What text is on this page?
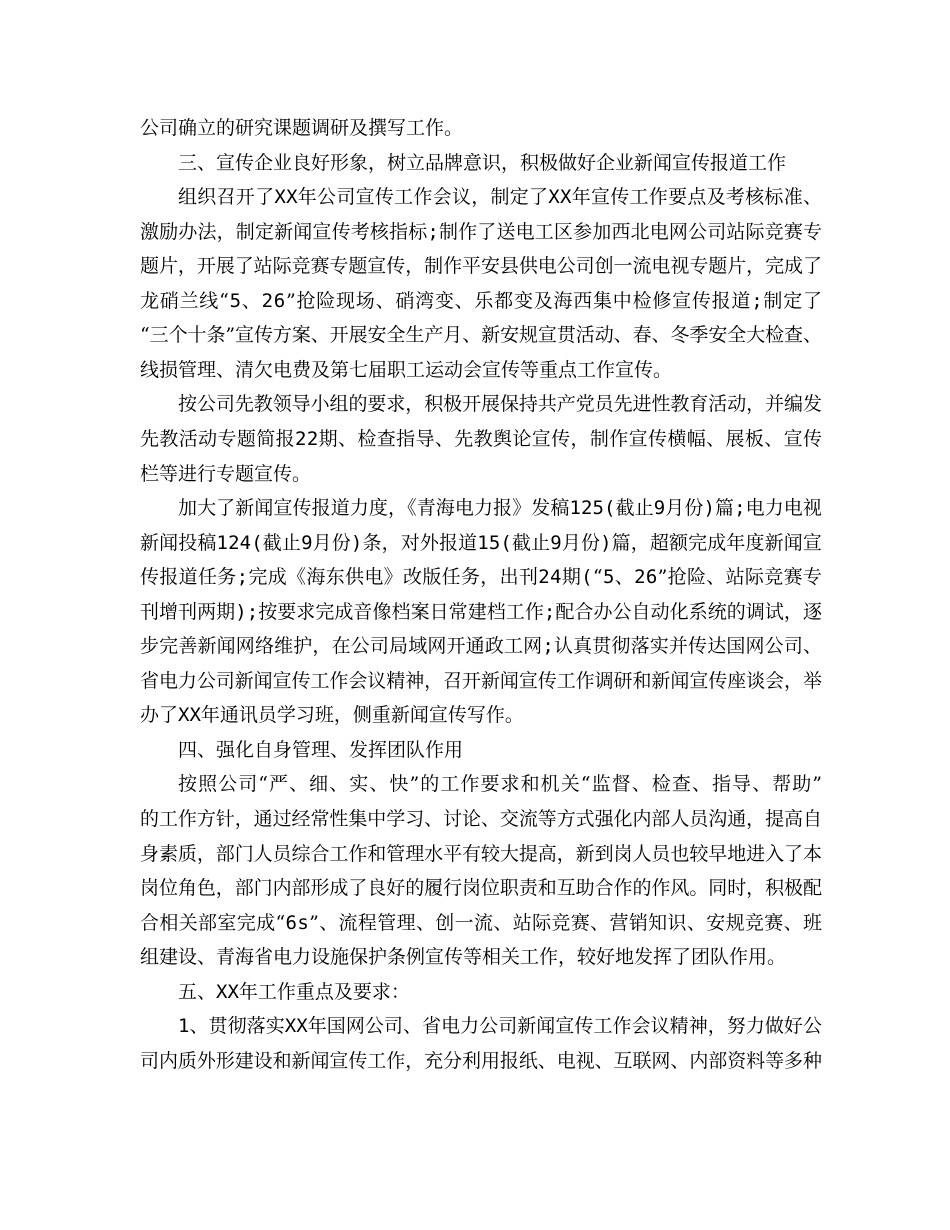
公司确立的研究课题调研及撰写工作。

三、宣传企业良好形象，树立品牌意识，积极做好企业新闻宣传报道工作

组织召开了XX年公司宣传工作会议，制定了XX年宣传工作要点及考核标准、

激励办法，制定新闻宣传考核指标;制作了送电工区参加西北电网公司站际竞赛专

题片，开展了站际竞赛专题宣传，制作平安县供电公司创一流电视专题片，完成了

龙硝兰线“5、26”抢险现场、硝湾变、乐都变及海西集中检修宣传报道;制定了

“三个十条”宣传方案、开展安全生产月、新安规宣贯活动、春、冬季安全大检查、

线损管理、清欠电费及第七届职工运动会宣传等重点工作宣传。

按公司先教领导小组的要求，积极开展保持共产党员先进性教育活动，并编发

先教活动专题简报22期、检查指导、先教舆论宣传，制作宣传横幅、展板、宣传

栏等进行专题宣传。

加大了新闻宣传报道力度，《青海电力报》发稿125(截止9月份)篇;电力电视

新闻投稿124(截止9月份)条，对外报道15(截止9月份)篇，超额完成年度新闻宣

传报道任务;完成《海东供电》改版任务，出刊24期(“5、26”抢险、站际竞赛专

刊增刊两期);按要求完成音像档案日常建档工作;配合办公自动化系统的调试，逐

步完善新闻网络维护，在公司局域网开通政工网;认真贯彻落实并传达国网公司、

省电力公司新闻宣传工作会议精神，召开新闻宣传工作调研和新闻宣传座谈会，举

办了XX年通讯员学习班，侧重新闻宣传写作。

四、强化自身管理、发挥团队作用

按照公司“严、细、实、快”的工作要求和机关“监督、检查、指导、帮助”

的工作方针，通过经常性集中学习、讨论、交流等方式强化内部人员沟通，提高自

身素质，部门人员综合工作和管理水平有较大提高，新到岗人员也较早地进入了本

岗位角色，部门内部形成了良好的履行岗位职责和互助合作的作风。同时，积极配

合相关部室完成“6s”、流程管理、创一流、站际竞赛、营销知识、安规竞赛、班

组建设、青海省电力设施保护条例宣传等相关工作，较好地发挥了团队作用。

五、XX年工作重点及要求：

1、贯彻落实XX年国网公司、省电力公司新闻宣传工作会议精神，努力做好公

司内质外形建设和新闻宣传工作，充分利用报纸、电视、互联网、内部资料等多种
